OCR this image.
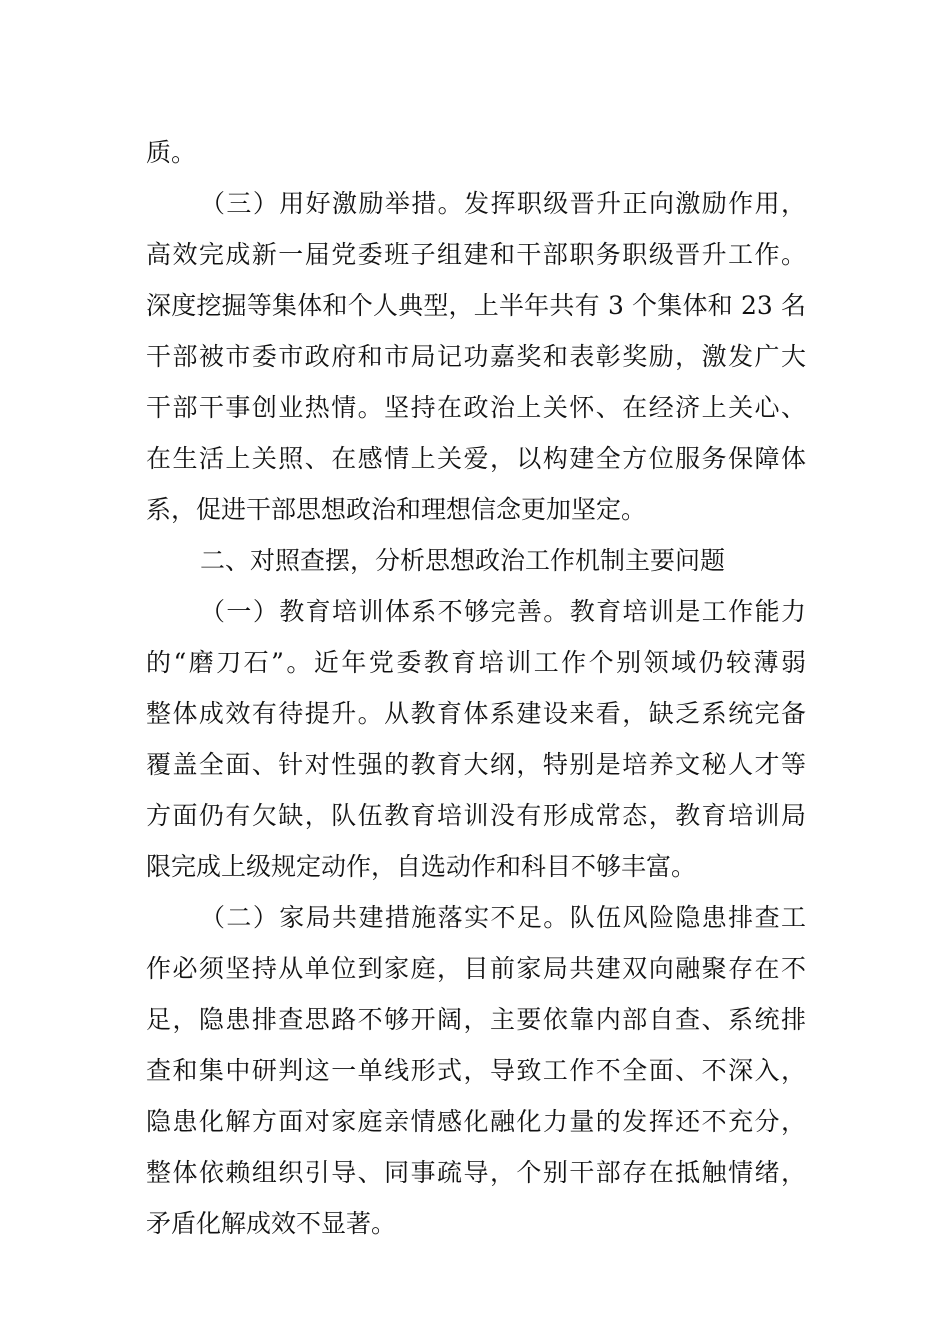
质。
（三）用好激励举措。发挥职级晋升正向激励作用，
高效完成新一届党委班子组建和干部职务职级晋升工作。
深度挖掘等集体和个人典型，上半年共有 3 个集体和 23 名
干部被市委市政府和市局记功嘉奖和表彰奖励，激发广大
干部干事创业热情。坚持在政治上关怀、在经济上关心、
在生活上关照、在感情上关爱，以构建全方位服务保障体
系，促进干部思想政治和理想信念更加坚定。
二、对照查摆，分析思想政治工作机制主要问题
（一）教育培训体系不够完善。教育培训是工作能力
的“磨刀石”。近年党委教育培训工作个别领域仍较薄弱
整体成效有待提升。从教育体系建设来看，缺乏系统完备
覆盖全面、针对性强的教育大纲，特别是培养文秘人才等
方面仍有欠缺，队伍教育培训没有形成常态，教育培训局
限完成上级规定动作，自选动作和科目不够丰富。
（二）家局共建措施落实不足。队伍风险隐患排查工
作必须坚持从单位到家庭，目前家局共建双向融聚存在不
足，隐患排查思路不够开阔，主要依靠内部自查、系统排
查和集中研判这一单线形式，导致工作不全面、不深入，
隐患化解方面对家庭亲情感化融化力量的发挥还不充分，
整体依赖组织引导、同事疏导，个别干部存在抵触情绪，
矛盾化解成效不显著。
